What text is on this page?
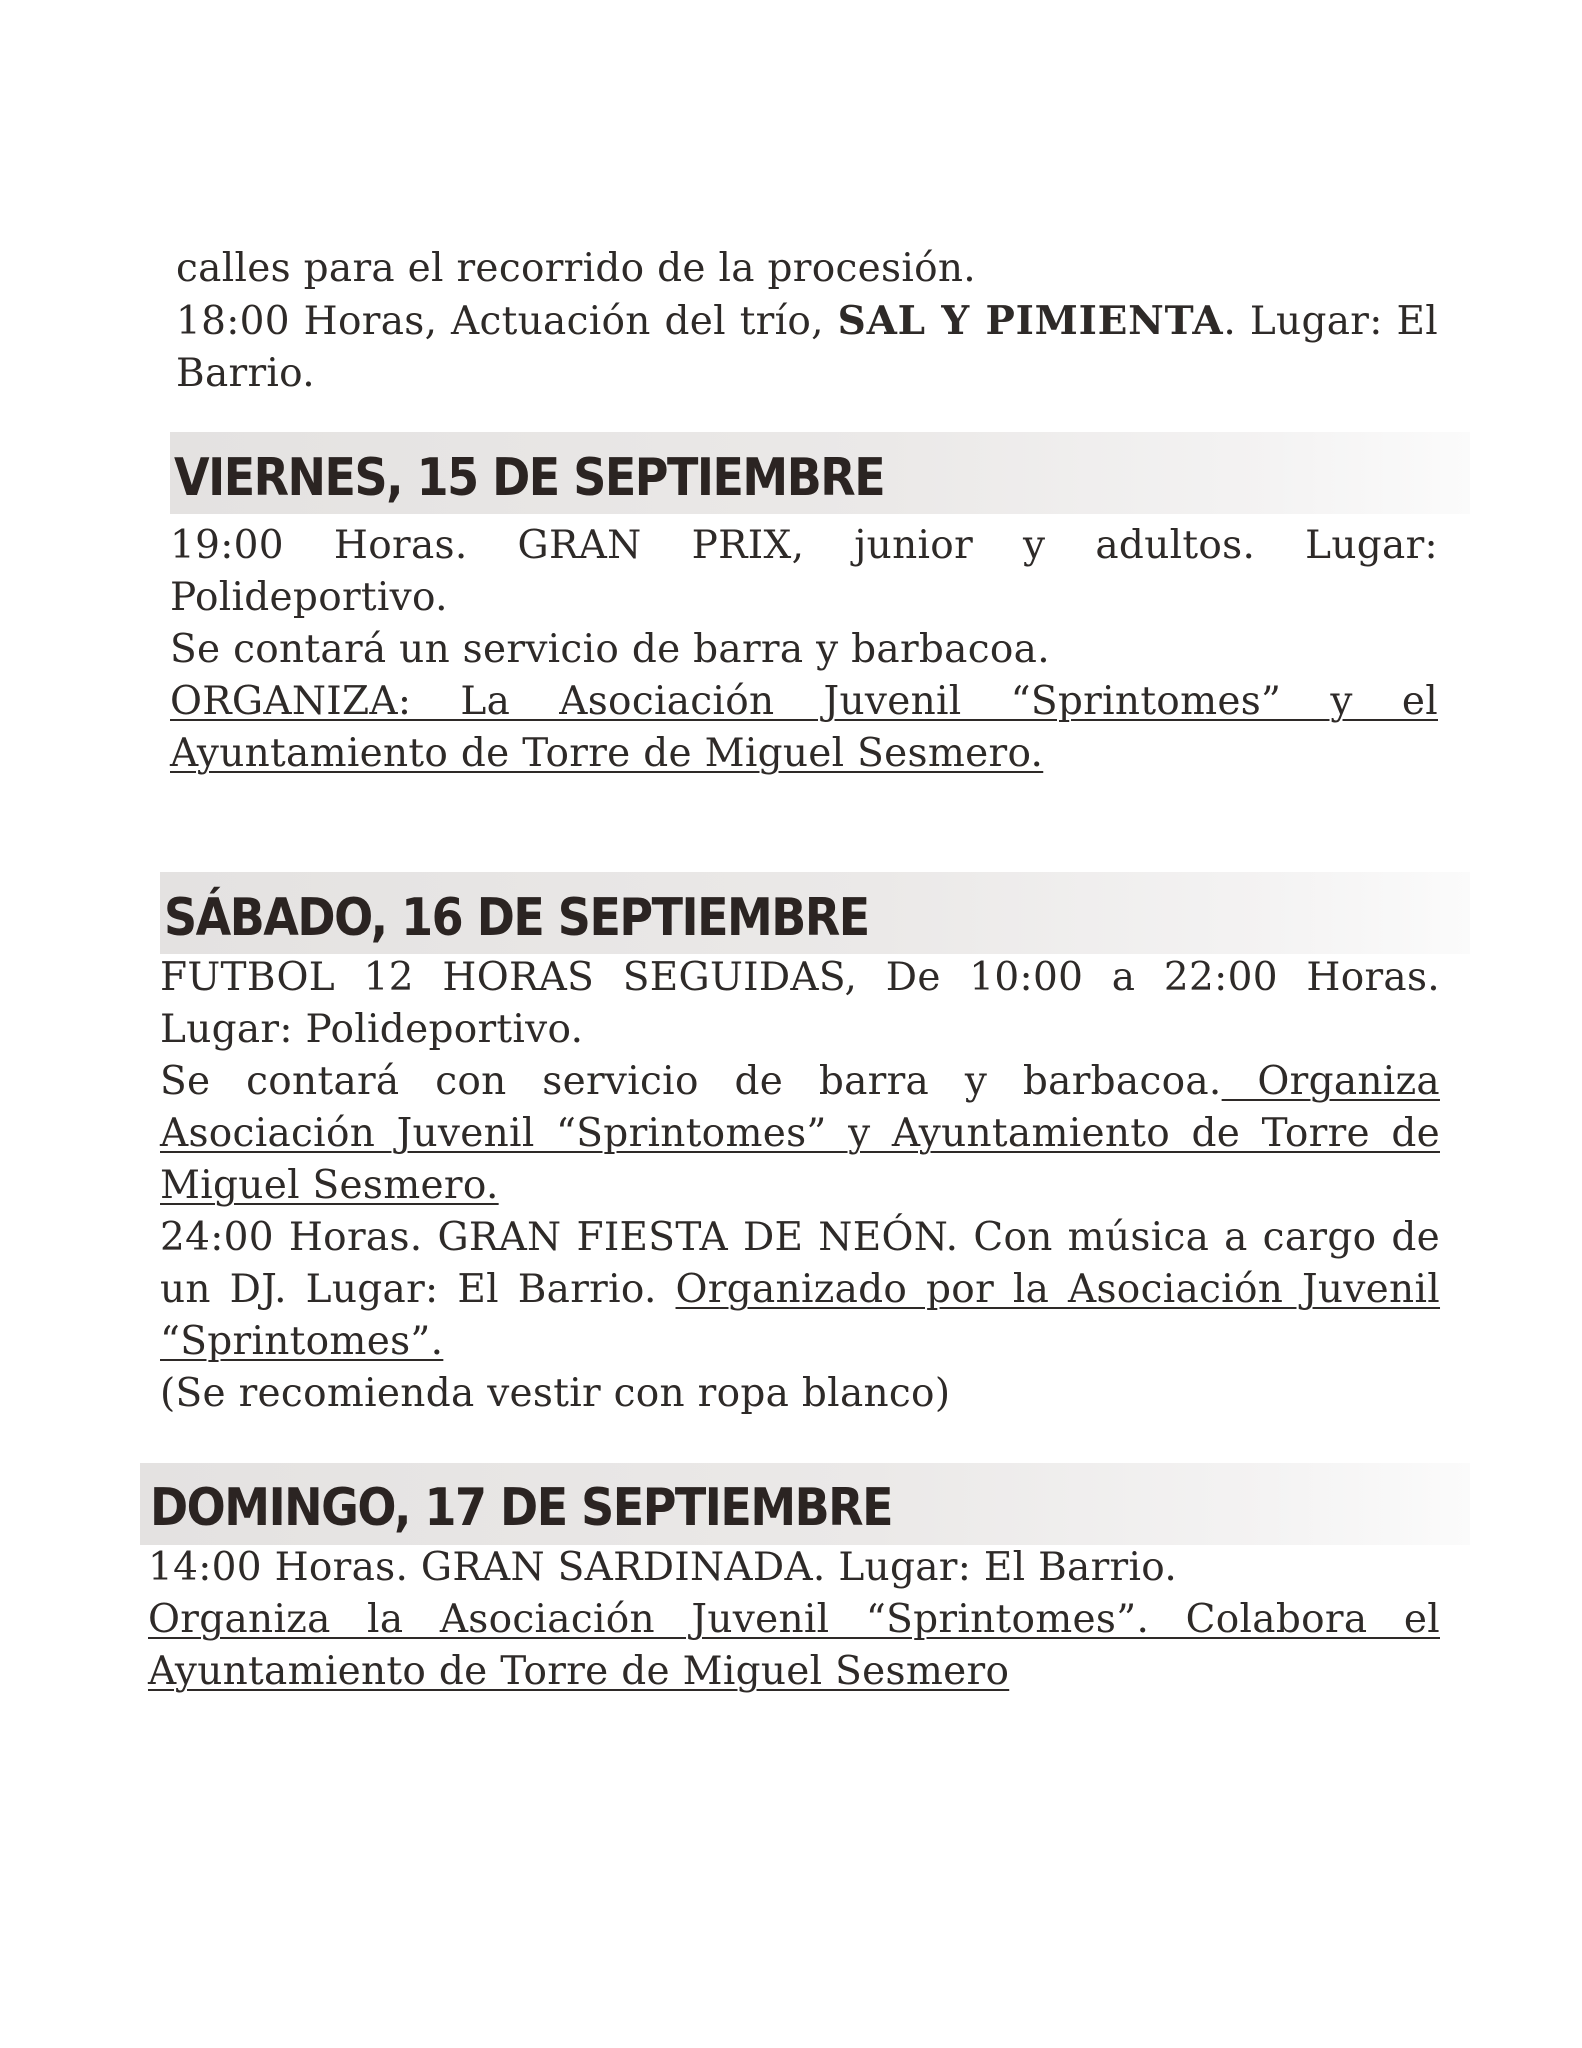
calles para el recorrido de la procesión.

18:00 Horas, Actuación del trío, SAL Y PIMIENTA. Lugar: El Barrio.

VIERNES, 15 DE SEPTIEMBRE

19:00 Horas. GRAN PRIX, junior y adultos. Lugar: Polideportivo.

Se contará un servicio de barra y barbacoa.

ORGANIZA: La Asociación Juvenil “Sprintomes” y el Ayuntamiento de Torre de Miguel Sesmero.

SÁBADO, 16 DE SEPTIEMBRE

FUTBOL 12 HORAS SEGUIDAS, De 10:00 a 22:00 Horas. Lugar: Polideportivo.

Se contará con servicio de barra y barbacoa. Organiza Asociación Juvenil “Sprintomes” y Ayuntamiento de Torre de Miguel Sesmero.

24:00 Horas. GRAN FIESTA DE NEÓN. Con música a cargo de un DJ. Lugar: El Barrio. Organizado por la Asociación Juvenil “Sprintomes”.

(Se recomienda vestir con ropa blanco)

DOMINGO, 17 DE SEPTIEMBRE

14:00 Horas. GRAN SARDINADA. Lugar: El Barrio.

Organiza la Asociación Juvenil “Sprintomes”. Colabora el Ayuntamiento de Torre de Miguel Sesmero
